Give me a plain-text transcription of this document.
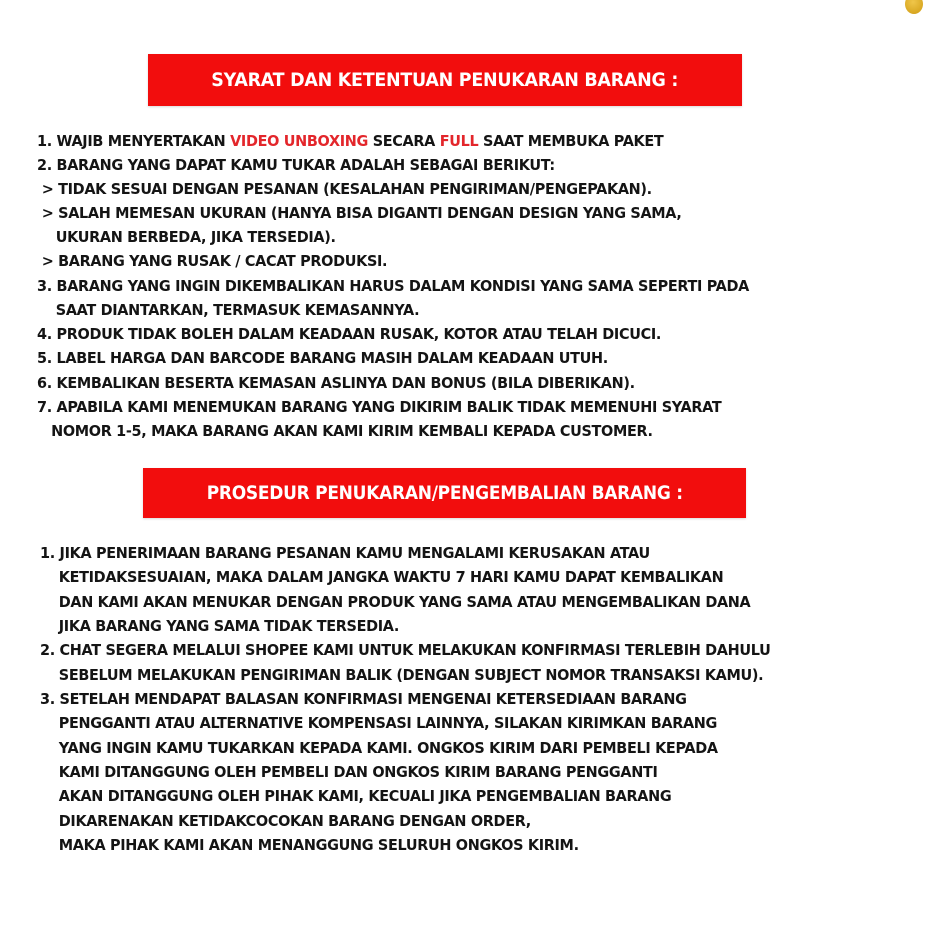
SYARAT DAN KETENTUAN PENUKARAN BARANG :
1. WAJIB MENYERTAKAN VIDEO UNBOXING SECARA FULL SAAT MEMBUKA PAKET
2. BARANG YANG DAPAT KAMU TUKAR ADALAH SEBAGAI BERIKUT:
> TIDAK SESUAI DENGAN PESANAN (KESALAHAN PENGIRIMAN/PENGEPAKAN).
> SALAH MEMESAN UKURAN (HANYA BISA DIGANTI DENGAN DESIGN YANG SAMA,
UKURAN BERBEDA, JIKA TERSEDIA).
> BARANG YANG RUSAK / CACAT PRODUKSI.
3. BARANG YANG INGIN DIKEMBALIKAN HARUS DALAM KONDISI YANG SAMA SEPERTI PADA
SAAT DIANTARKAN, TERMASUK KEMASANNYA.
4. PRODUK TIDAK BOLEH DALAM KEADAAN RUSAK, KOTOR ATAU TELAH DICUCI.
5. LABEL HARGA DAN BARCODE BARANG MASIH DALAM KEADAAN UTUH.
6. KEMBALIKAN BESERTA KEMASAN ASLINYA DAN BONUS (BILA DIBERIKAN).
7. APABILA KAMI MENEMUKAN BARANG YANG DIKIRIM BALIK TIDAK MEMENUHI SYARAT
NOMOR 1-5, MAKA BARANG AKAN KAMI KIRIM KEMBALI KEPADA CUSTOMER.
PROSEDUR PENUKARAN/PENGEMBALIAN BARANG :
1. JIKA PENERIMAAN BARANG PESANAN KAMU MENGALAMI KERUSAKAN ATAU
KETIDAKSESUAIAN, MAKA DALAM JANGKA WAKTU 7 HARI KAMU DAPAT KEMBALIKAN
DAN KAMI AKAN MENUKAR DENGAN PRODUK YANG SAMA ATAU MENGEMBALIKAN DANA
JIKA BARANG YANG SAMA TIDAK TERSEDIA.
2. CHAT SEGERA MELALUI SHOPEE KAMI UNTUK MELAKUKAN KONFIRMASI TERLEBIH DAHULU
SEBELUM MELAKUKAN PENGIRIMAN BALIK (DENGAN SUBJECT NOMOR TRANSAKSI KAMU).
3. SETELAH MENDAPAT BALASAN KONFIRMASI MENGENAI KETERSEDIAAN BARANG
PENGGANTI ATAU ALTERNATIVE KOMPENSASI LAINNYA, SILAKAN KIRIMKAN BARANG
YANG INGIN KAMU TUKARKAN KEPADA KAMI. ONGKOS KIRIM DARI PEMBELI KEPADA
KAMI DITANGGUNG OLEH PEMBELI DAN ONGKOS KIRIM BARANG PENGGANTI
AKAN DITANGGUNG OLEH PIHAK KAMI, KECUALI JIKA PENGEMBALIAN BARANG
DIKARENAKAN KETIDAKCOCOKAN BARANG DENGAN ORDER,
MAKA PIHAK KAMI AKAN MENANGGUNG SELURUH ONGKOS KIRIM.
